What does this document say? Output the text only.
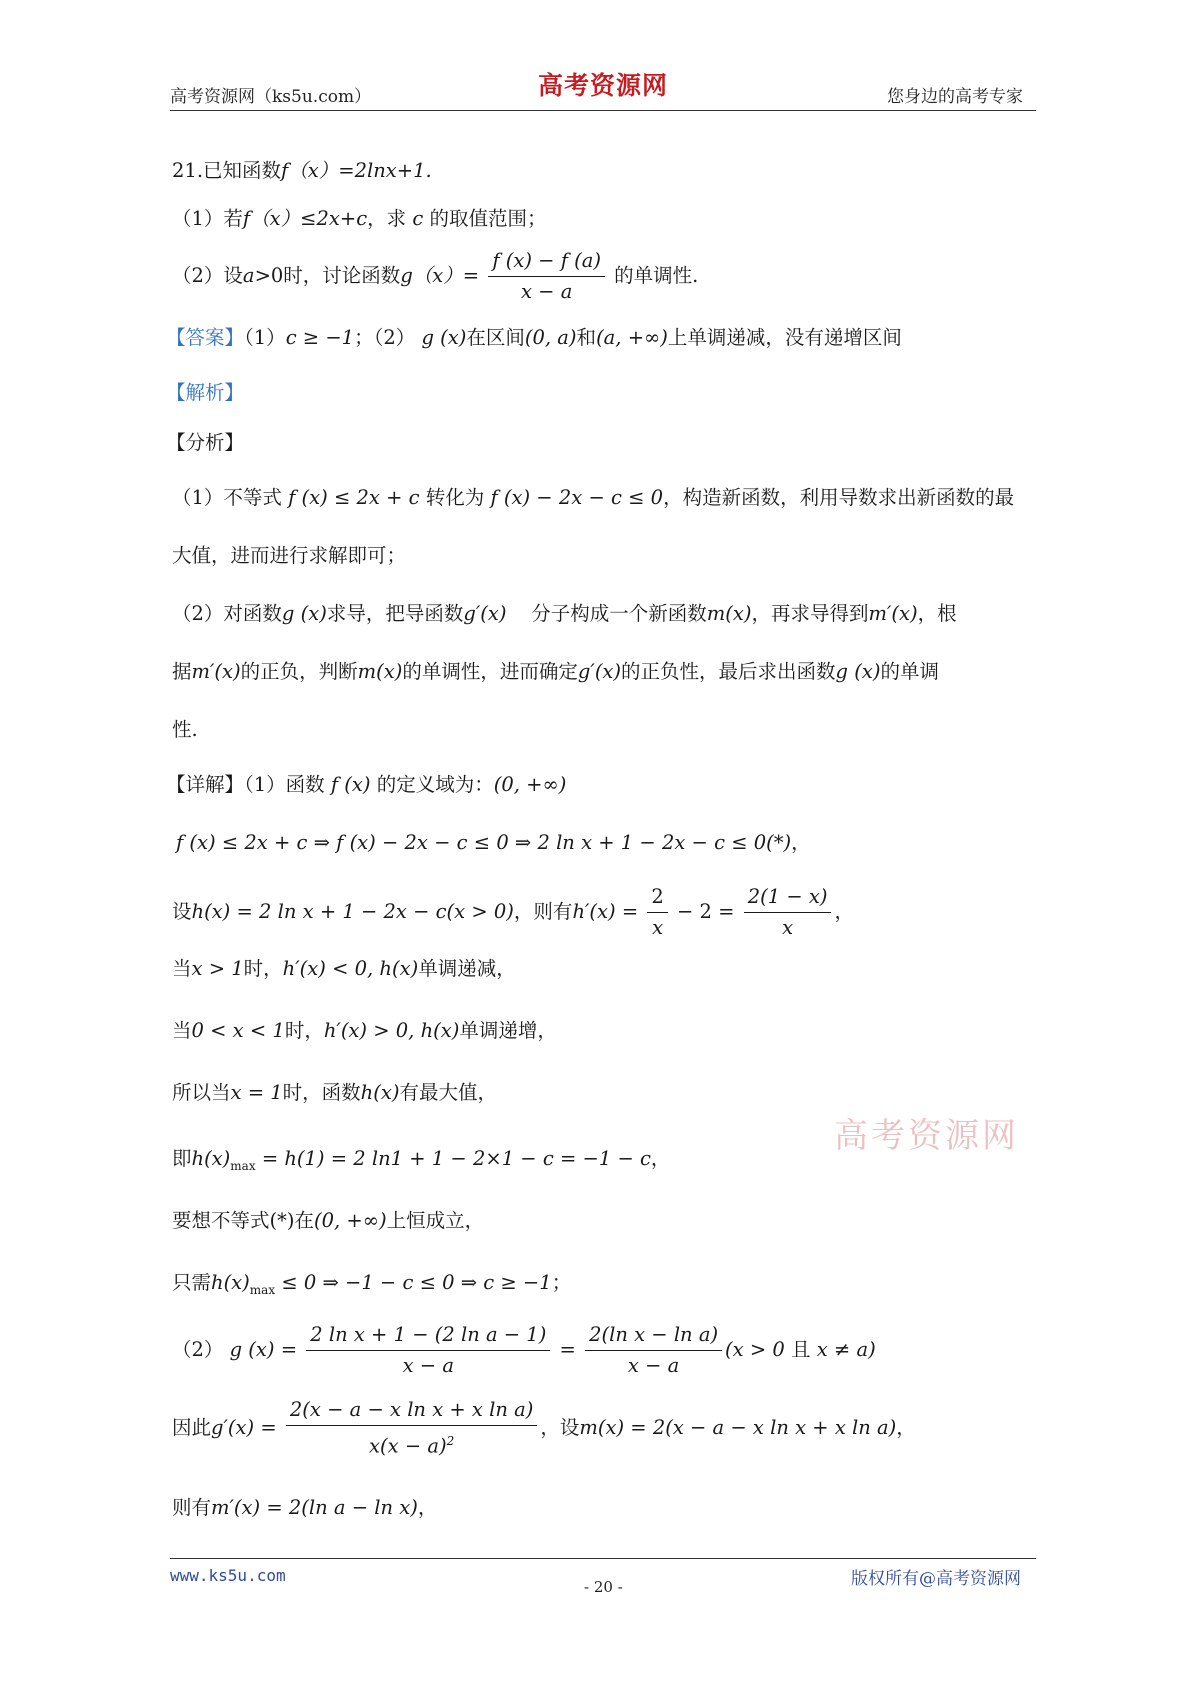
高考资源网（ks5u.com）	高考资源网	您身边的高考专家
21.已知函数f（x）=2lnx+1.
（1）若f（x）≤2x+c，求 c 的取值范围；
（2）设a>0时，讨论函数$g(x)= \frac{f (x) - f (a)}{x - a}$ 的单调性.
【答案】（1）c ≥ −1；（2） g (x)在区间(0, a)和(a, +∞)上单调递减，没有递增区间
【解析】
【分析】
（1）不等式 f (x) ≤ 2x + c 转化为 f (x) − 2x − c ≤ 0，构造新函数，利用导数求出新函数的最
大值，进而进行求解即可；
（2）对函数g (x)求导，把导函数g′(x) 分子构成一个新函数m(x)，再求导得到m′(x)，根
据m′(x)的正负，判断m(x)的单调性，进而确定g′(x)的正负性，最后求出函数g (x)的单调
性.
【详解】（1）函数 f (x) 的定义域为：(0, +∞)
f (x) ≤ 2x + c ⇒ f (x) − 2x − c ≤ 0 ⇒ 2 ln x + 1 − 2x − c ≤ 0(*)，
设h(x) = 2 ln x + 1 − 2x − c(x > 0)，则有$h'(x) = \frac{2}{x} - 2 = \frac{2(1 - x)}{x}$ ，
当x > 1时，h′(x) < 0, h(x)单调递减，
当0 < x < 1时，h′(x) > 0, h(x)单调递增，
所以当x = 1时，函数h(x)有最大值，
高考资源网
即$h(x)_{max} = h(1) = 2$ ln1 + 1 − 2×1 − c = −1 − c，
要想不等式(*)在(0, +∞)上恒成立，
只需$h(x)_{max} \le 0$ ⇒ −1 − c ≤ 0 ⇒ c ≥ −1；
（2） g $(x) = \frac{\text{2 ln x + 1 − (2 ln a − 1)}}{x - a} = \frac{\text{2(ln x − ln a)}}{x - a} (x > 0$ 且 x ≠ a)
因此$g'(x) = \frac{\text{2(x − a − x ln x + x ln a)}}{x(x - a)^2}$ ，设m(x) = 2(x − a − x ln x + x ln a)，
则有m′(x) = 2(ln a − ln x)，
www.ks5u.com
- 20 -	版权所有@高考资源网
